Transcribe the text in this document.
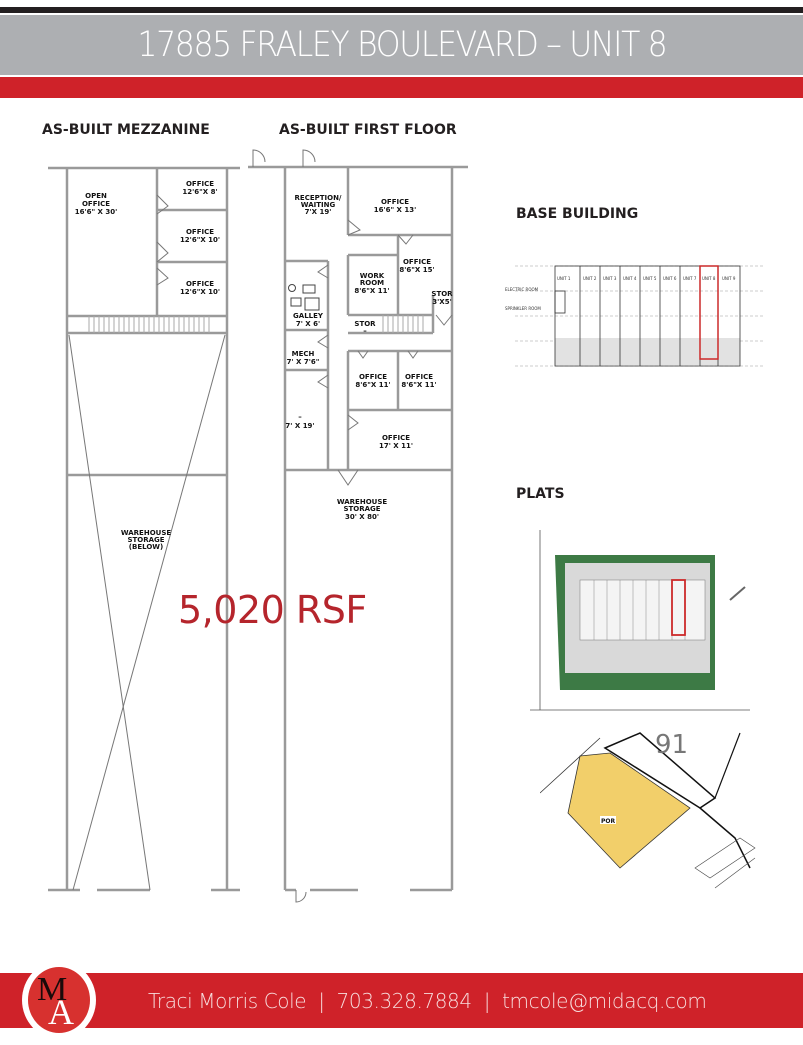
17885 FRALEY BOULEVARD – UNIT 8
AS-BUILT MEZZANINE	AS-BUILT FIRST FLOOR
BASE BUILDING
PLATS
OPEN
OFFICE
16'6" X 30'
OFFICE
12'6"X 8'
OFFICE
12'6"X 10'
OFFICE
12'6"X 10'
WAREHOUSE
STORAGE
(BELOW)
RECEPTION/
WAITING
7'X 19'
OFFICE
16'6" X 13'
OFFICE
8'6"X 15'
WORK
ROOM
8'6"X 11'	STOR
3'X5'
GALLEY
7' X 6'	STOR
–
MECH
7' X 7'6"
OFFICE
8'6"X 11'
OFFICE
8'6"X 11'
–
7' X 19'
OFFICE
17' X 11'
WAREHOUSE
STORAGE
30' X 80'
5,020 RSF
UNIT 1	UNIT 2 UNIT 3 UNIT 4 UNIT 5 UNIT 6 UNIT 7 UNIT 8 UNIT 9
ELECTRIC ROOM
SPRINKLER ROOM
91
POR
M
A	Traci Morris Cole | 703.328.7884 | tmcole@midacq.com
